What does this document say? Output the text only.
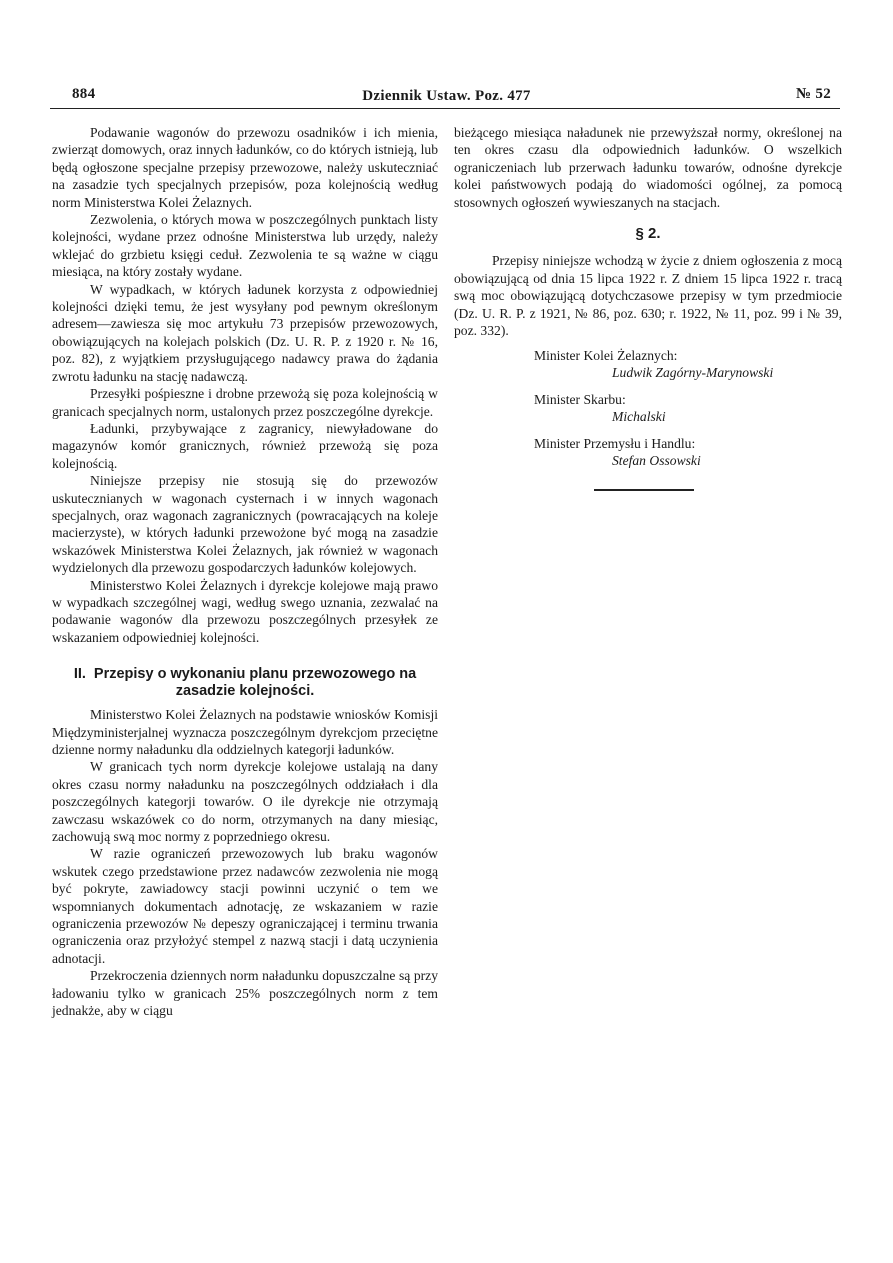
884	Dziennik Ustaw. Poz. 477	№ 52

Podawanie wagonów do przewozu osadników i ich mienia, zwierząt domowych, oraz innych ładunków, co do których istnieją, lub będą ogłoszone specjalne przepisy przewozowe, należy uskuteczniać na zasadzie tych specjalnych przepisów, poza kolejnością według norm Ministerstwa Kolei Żelaznych.

Zezwolenia, o których mowa w poszczególnych punktach listy kolejności, wydane przez odnośne Ministerstwa lub urzędy, należy wklejać do grzbietu księgi ceduł. Zezwolenia te są ważne w ciągu miesiąca, na który zostały wydane.

W wypadkach, w których ładunek korzysta z odpowiedniej kolejności dzięki temu, że jest wysyłany pod pewnym określonym adresem—zawiesza się moc artykułu 73 przepisów przewozowych, obowiązujących na kolejach polskich (Dz. U. R. P. z 1920 r. № 16, poz. 82), z wyjątkiem przysługującego nadawcy prawa do żądania zwrotu ładunku na stację nadawczą.

Przesyłki pośpieszne i drobne przewożą się poza kolejnością w granicach specjalnych norm, ustalonych przez poszczególne dyrekcje.

Ładunki, przybywające z zagranicy, niewyładowane do magazynów komór granicznych, również przewożą się poza kolejnością.

Niniejsze przepisy nie stosują się do przewozów uskutecznianych w wagonach cysternach i w innych wagonach specjalnych, oraz wagonach zagranicznych (powracających na koleje macierzyste), w których ładunki przewożone być mogą na zasadzie wskazówek Ministerstwa Kolei Żelaznych, jak również w wagonach wydzielonych dla przewozu gospodarczych ładunków kolejowych.

Ministerstwo Kolei Żelaznych i dyrekcje kolejowe mają prawo w wypadkach szczególnej wagi, według swego uznania, zezwalać na podawanie wagonów dla przewozu poszczególnych przesyłek ze wskazaniem odpowiedniej kolejności.

II. Przepisy o wykonaniu planu przewozowego na zasadzie kolejności.

Ministerstwo Kolei Żelaznych na podstawie wniosków Komisji Międzyministerjalnej wyznacza poszczególnym dyrekcjom przeciętne dzienne normy naładunku dla oddzielnych kategorji ładunków.

W granicach tych norm dyrekcje kolejowe ustalają na dany okres czasu normy naładunku na poszczególnych oddziałach i dla poszczególnych kategorji towarów. O ile dyrekcje nie otrzymają zawczasu wskazówek co do norm, otrzymanych na dany miesiąc, zachowują swą moc normy z poprzedniego okresu.

W razie ograniczeń przewozowych lub braku wagonów wskutek czego przedstawione przez nadawców zezwolenia nie mogą być pokryte, zawiadowcy stacji powinni uczynić o tem we wspomnianych dokumentach adnotację, ze wskazaniem w razie ograniczenia przewozów № depeszy ograniczającej i terminu trwania ograniczenia oraz przyłożyć stempel z nazwą stacji i datą uczynienia adnotacji.

Przekroczenia dziennych norm naładunku dopuszczalne są przy ładowaniu tylko w granicach 25% poszczególnych norm z tem jednakże, aby w ciągu

bieżącego miesiąca naładunek nie przewyższał normy, określonej na ten okres czasu dla odpowiednich ładunków. O wszelkich ograniczeniach lub przerwach ładunku towarów, odnośne dyrekcje kolei państwowych podają do wiadomości ogólnej, za pomocą stosownych ogłoszeń wywieszanych na stacjach.

§ 2.

Przepisy niniejsze wchodzą w życie z dniem ogłoszenia z mocą obowiązującą od dnia 15 lipca 1922 r. Z dniem 15 lipca 1922 r. tracą swą moc obowiązującą dotychczasowe przepisy w tym przedmiocie (Dz. U. R. P. z 1921, № 86, poz. 630; r. 1922, № 11, poz. 99 i № 39, poz. 332).

Minister Kolei Żelaznych:
Ludwik Zagórny-Marynowski
Minister Skarbu:
Michalski
Minister Przemysłu i Handlu:
Stefan Ossowski
